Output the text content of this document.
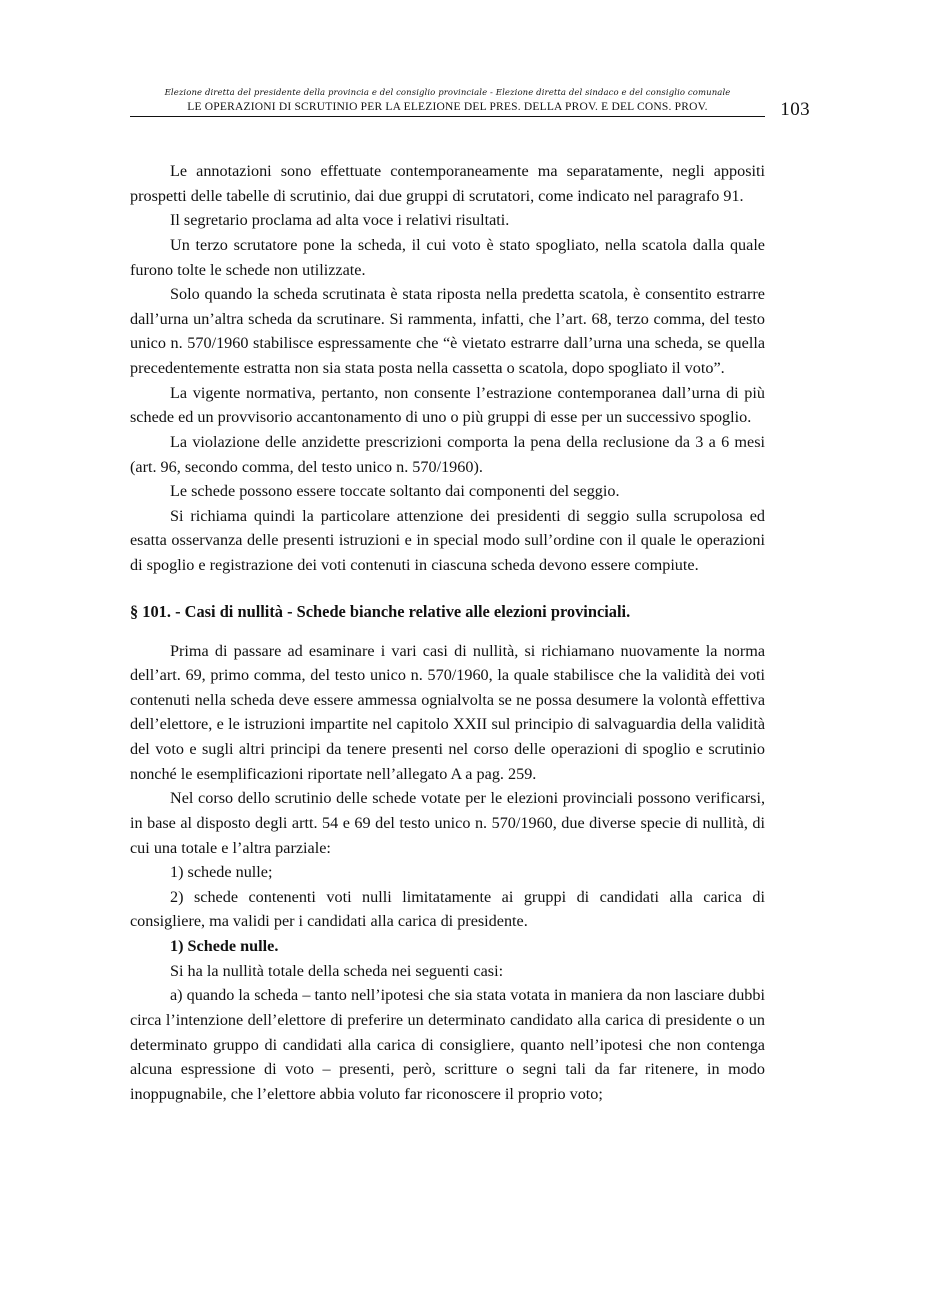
Elezione diretta del presidente della provincia e del consiglio provinciale - Elezione diretta del sindaco e del consiglio comunale
LE OPERAZIONI DI SCRUTINIO PER LA ELEZIONE DEL PRES. DELLA PROV. E DEL CONS. PROV.	103

Le annotazioni sono effettuate contemporaneamente ma separatamente, negli appositi prospetti delle tabelle di scrutinio, dai due gruppi di scrutatori, come indicato nel paragrafo 91.

Il segretario proclama ad alta voce i relativi risultati.

Un terzo scrutatore pone la scheda, il cui voto è stato spogliato, nella scatola dalla quale furono tolte le schede non utilizzate.

Solo quando la scheda scrutinata è stata riposta nella predetta scatola, è consentito estrarre dall’urna un’altra scheda da scrutinare. Si rammenta, infatti, che l’art. 68, terzo comma, del testo unico n. 570/1960 stabilisce espressamente che “è vietato estrarre dall’urna una scheda, se quella precedentemente estratta non sia stata posta nella cassetta o scatola, dopo spogliato il voto”.

La vigente normativa, pertanto, non consente l’estrazione contemporanea dall’urna di più schede ed un provvisorio accantonamento di uno o più gruppi di esse per un successivo spoglio.

La violazione delle anzidette prescrizioni comporta la pena della reclusione da 3 a 6 mesi (art. 96, secondo comma, del testo unico n. 570/1960).

Le schede possono essere toccate soltanto dai componenti del seggio.

Si richiama quindi la particolare attenzione dei presidenti di seggio sulla scrupolosa ed esatta osservanza delle presenti istruzioni e in special modo sull’ordine con il quale le operazioni di spoglio e registrazione dei voti contenuti in ciascuna scheda devono essere compiute.

§ 101. - Casi di nullità - Schede bianche relative alle elezioni provinciali.

Prima di passare ad esaminare i vari casi di nullità, si richiamano nuovamente la norma dell’art. 69, primo comma, del testo unico n. 570/1960, la quale stabilisce che la validità dei voti contenuti nella scheda deve essere ammessa ognialvolta se ne possa desumere la volontà effettiva dell’elettore, e le istruzioni impartite nel capitolo XXII sul principio di salvaguardia della validità del voto e sugli altri principi da tenere presenti nel corso delle operazioni di spoglio e scrutinio nonché le esemplificazioni riportate nell’allegato A a pag. 259.

Nel corso dello scrutinio delle schede votate per le elezioni provinciali possono verificarsi, in base al disposto degli artt. 54 e 69 del testo unico n. 570/1960, due diverse specie di nullità, di cui una totale e l’altra parziale:

1) schede nulle;

2) schede contenenti voti nulli limitatamente ai gruppi di candidati alla carica di consigliere, ma validi per i candidati alla carica di presidente.

1) Schede nulle.

Si ha la nullità totale della scheda nei seguenti casi:

a) quando la scheda – tanto nell’ipotesi che sia stata votata in maniera da non lasciare dubbi circa l’intenzione dell’elettore di preferire un determinato candidato alla carica di presidente o un determinato gruppo di candidati alla carica di consigliere, quanto nell’ipotesi che non contenga alcuna espressione di voto – presenti, però, scritture o segni tali da far ritenere, in modo inoppugnabile, che l’elettore abbia voluto far riconoscere il proprio voto;
